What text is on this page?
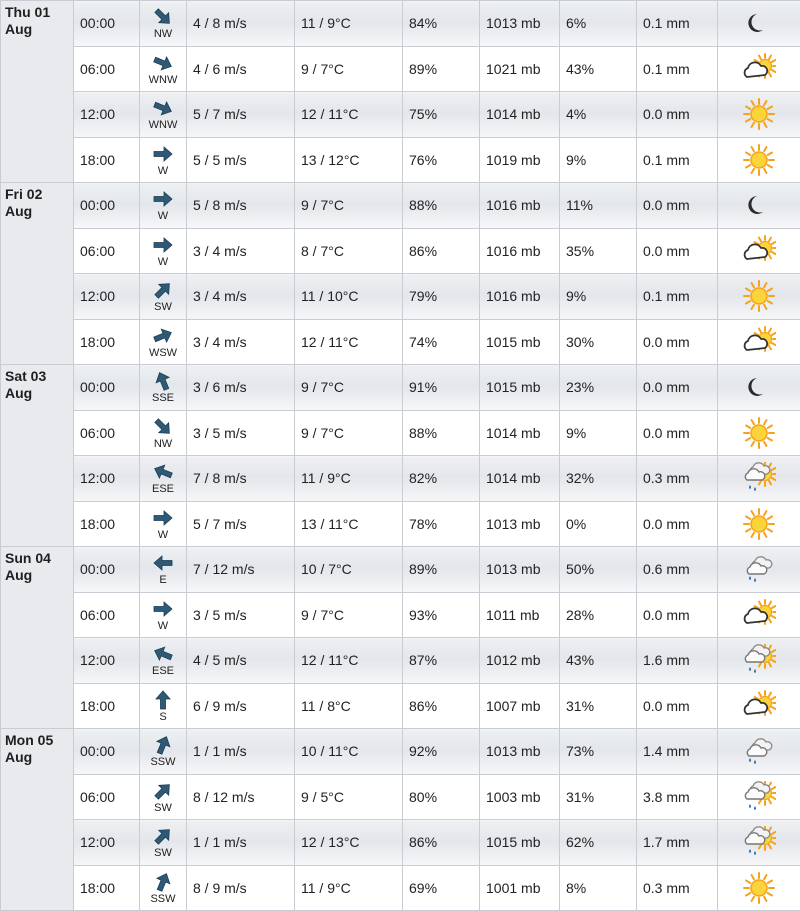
Thu 01
Aug	00:00	NW	4 / 8 m/s	11 / 9°C	84%	1013 mb	6%	0.1 mm	

	06:00	WNW	4 / 6 m/s	9 / 7°C	89%	1021 mb	43%	0.1 mm	

	12:00	WNW	5 / 7 m/s	12 / 11°C	75%	1014 mb	4%	0.0 mm	

	18:00	W	5 / 5 m/s	13 / 12°C	76%	1019 mb	9%	0.1 mm	

Fri 02
Aug	00:00	W	5 / 8 m/s	9 / 7°C	88%	1016 mb	11%	0.0 mm	

	06:00	W	3 / 4 m/s	8 / 7°C	86%	1016 mb	35%	0.0 mm	

	12:00	SW	3 / 4 m/s	11 / 10°C	79%	1016 mb	9%	0.1 mm	

	18:00	WSW	3 / 4 m/s	12 / 11°C	74%	1015 mb	30%	0.0 mm	

Sat 03
Aug	00:00	SSE	3 / 6 m/s	9 / 7°C	91%	1015 mb	23%	0.0 mm	

	06:00	NW	3 / 5 m/s	9 / 7°C	88%	1014 mb	9%	0.0 mm	

	12:00	ESE	7 / 8 m/s	11 / 9°C	82%	1014 mb	32%	0.3 mm	

	18:00	W	5 / 7 m/s	13 / 11°C	78%	1013 mb	0%	0.0 mm	

Sun 04
Aug	00:00	E	7 / 12 m/s	10 / 7°C	89%	1013 mb	50%	0.6 mm	

	06:00	W	3 / 5 m/s	9 / 7°C	93%	1011 mb	28%	0.0 mm	

	12:00	ESE	4 / 5 m/s	12 / 11°C	87%	1012 mb	43%	1.6 mm	

	18:00	S	6 / 9 m/s	11 / 8°C	86%	1007 mb	31%	0.0 mm	

Mon 05
Aug	00:00	SSW	1 / 1 m/s	10 / 11°C	92%	1013 mb	73%	1.4 mm	

	06:00	SW	8 / 12 m/s	9 / 5°C	80%	1003 mb	31%	3.8 mm	

	12:00	SW	1 / 1 m/s	12 / 13°C	86%	1015 mb	62%	1.7 mm	

	18:00	SSW	8 / 9 m/s	11 / 9°C	69%	1001 mb	8%	0.3 mm	
